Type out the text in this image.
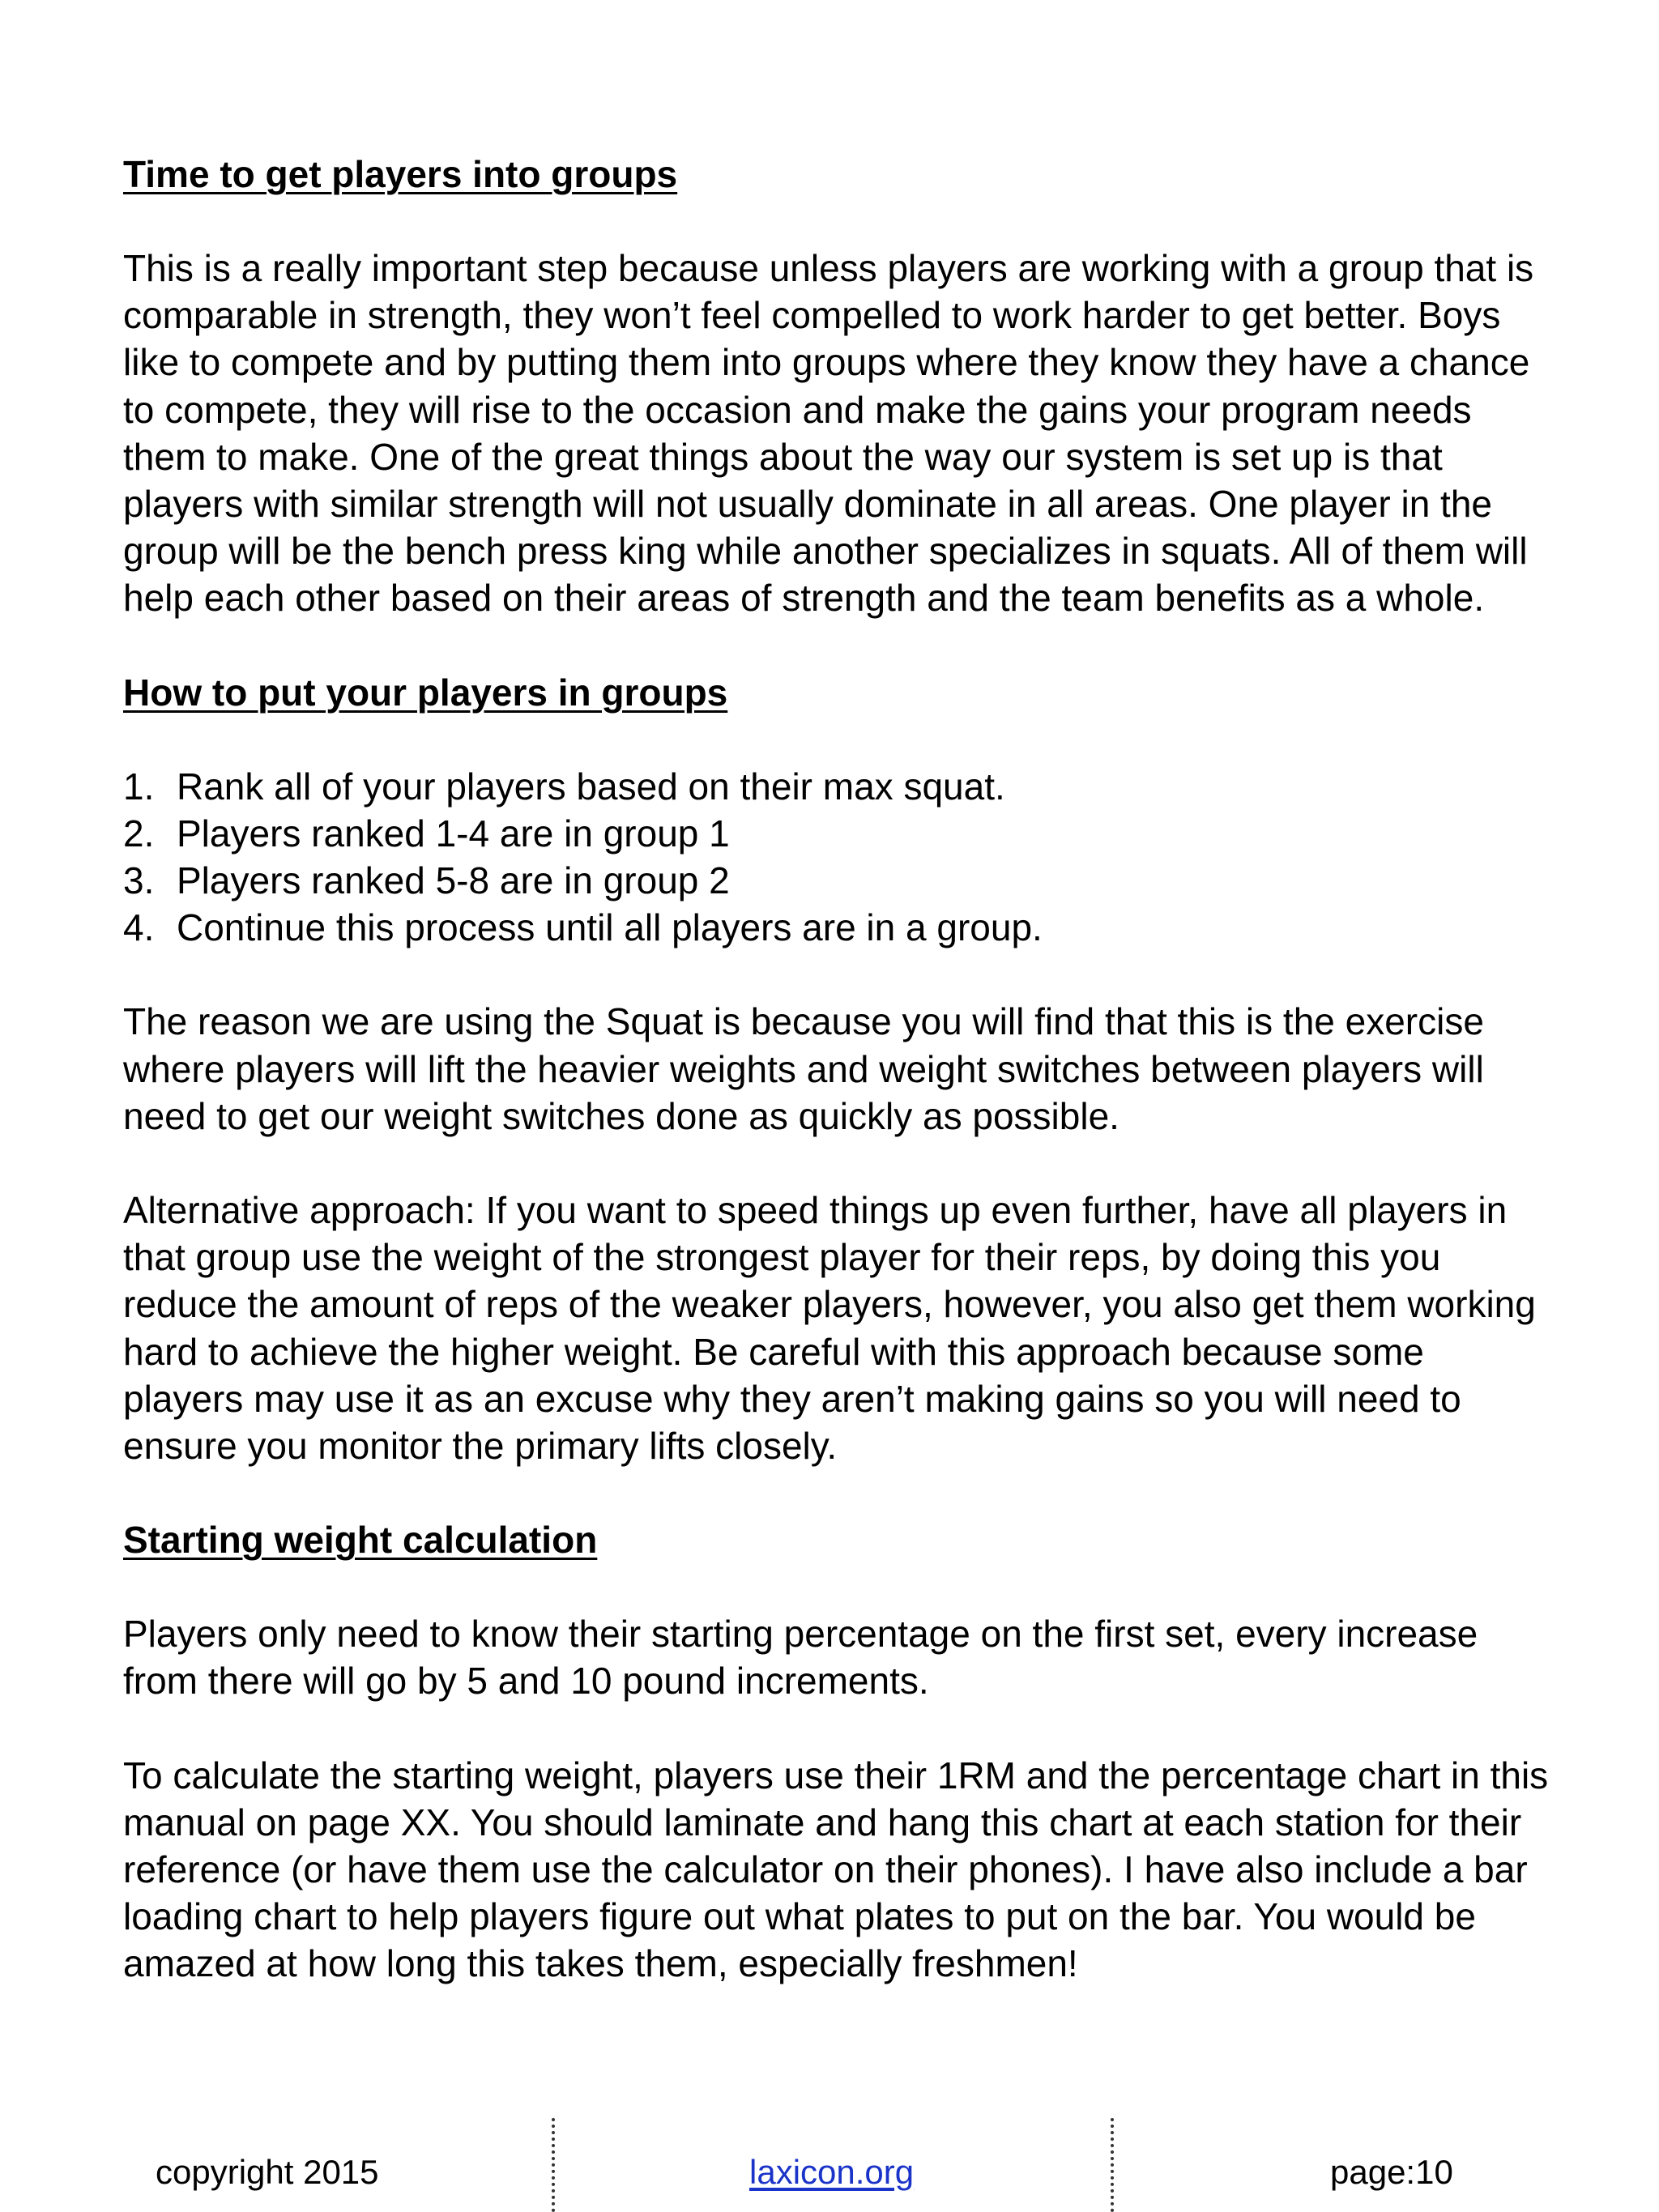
Time to get players into groups

This is a really important step because unless players are working with a group that is comparable in strength, they won’t feel compelled to work harder to get better. Boys like to compete and by putting them into groups where they know they have a chance to compete, they will rise to the occasion and make the gains your program needs them to make. One of the great things about the way our system is set up is that players with similar strength will not usually dominate in all areas. One player in the group will be the bench press king while another specializes in squats. All of them will help each other based on their areas of strength and the team benefits as a whole.

How to put your players in groups
1. Rank all of your players based on their max squat.
2. Players ranked 1-4 are in group 1
3. Players ranked 5-8 are in group 2
4. Continue this process until all players are in a group.

The reason we are using the Squat is because you will find that this is the exercise where players will lift the heavier weights and weight switches between players will need to get our weight switches done as quickly as possible.

Alternative approach: If you want to speed things up even further, have all players in that group use the weight of the strongest player for their reps, by doing this you reduce the amount of reps of the weaker players, however, you also get them working hard to achieve the higher weight. Be careful with this approach because some players may use it as an excuse why they aren’t making gains so you will need to ensure you monitor the primary lifts closely.

Starting weight calculation

Players only need to know their starting percentage on the first set, every increase from there will go by 5 and 10 pound increments.

To calculate the starting weight, players use their 1RM and the percentage chart in this manual on page XX. You should laminate and hang this chart at each station for their reference (or have them use the calculator on their phones). I have also include a bar loading chart to help players figure out what plates to put on the bar. You would be amazed at how long this takes them, especially freshmen!

copyright 2015	laxicon.org	page:10
